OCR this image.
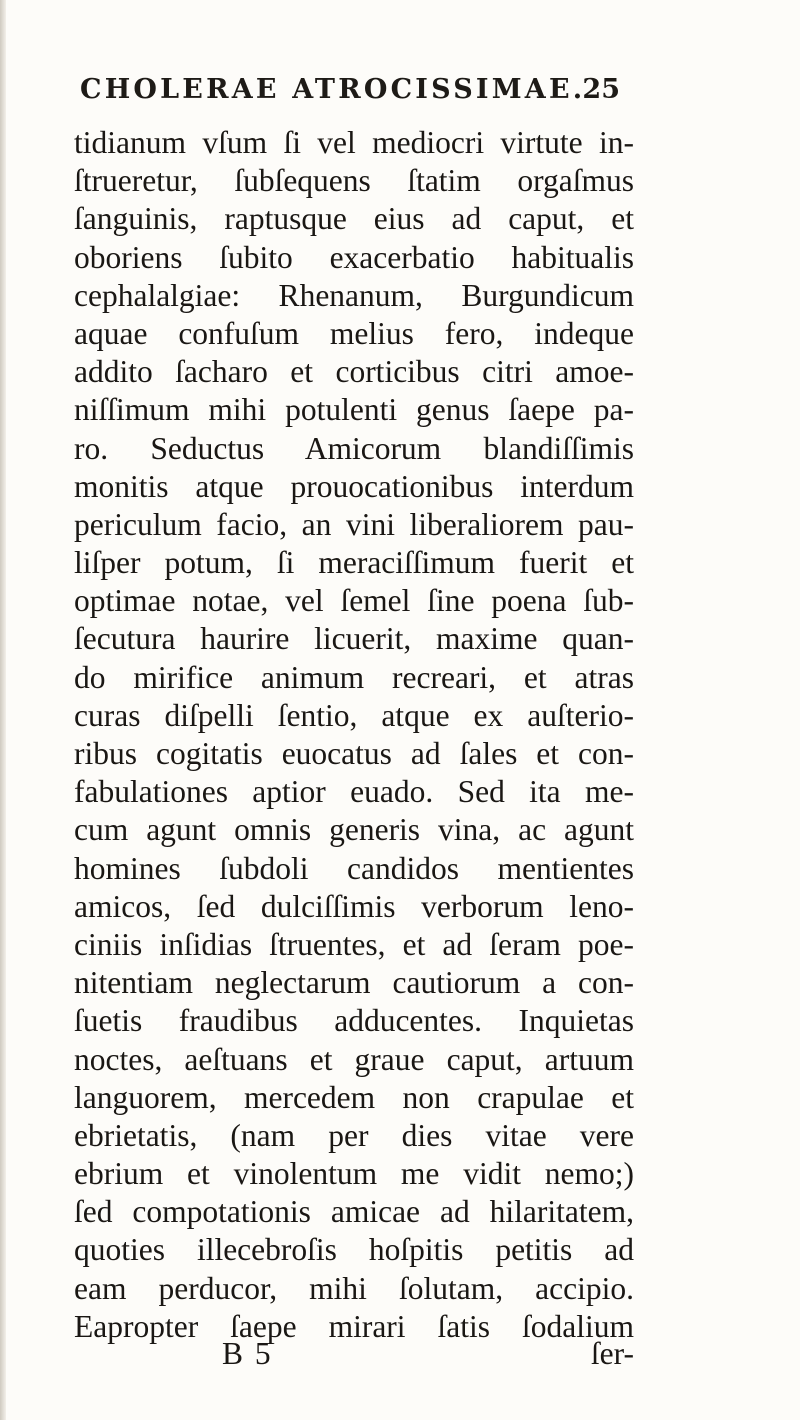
CHOLERAE ATROCISSIMAE.
25
tidianum vſum ſi vel mediocri virtute in-
ſtrueretur, ſubſequens ſtatim orgaſmus
ſanguinis, raptusque eius ad caput, et
oboriens ſubito exacerbatio habitualis
cephalalgiae: Rhenanum, Burgundicum
aquae confuſum melius fero, indeque
addito ſacharo et corticibus citri amoe-
niſſimum mihi potulenti genus ſaepe pa-
ro. Seductus Amicorum blandiſſimis
monitis atque prouocationibus interdum
periculum facio, an vini liberaliorem pau-
liſper potum, ſi meraciſſimum fuerit et
optimae notae, vel ſemel ſine poena ſub-
ſecutura haurire licuerit, maxime quan-
do mirifice animum recreari, et atras
curas diſpelli ſentio, atque ex auſterio-
ribus cogitatis euocatus ad ſales et con-
fabulationes aptior euado. Sed ita me-
cum agunt omnis generis vina, ac agunt
homines ſubdoli candidos mentientes
amicos, ſed dulciſſimis verborum leno-
ciniis inſidias ſtruentes, et ad ſeram poe-
nitentiam neglectarum cautiorum a con-
ſuetis fraudibus adducentes. Inquietas
noctes, aeſtuans et graue caput, artuum
languorem, mercedem non crapulae et
ebrietatis, (nam per dies vitae vere
ebrium et vinolentum me vidit nemo;)
ſed compotationis amicae ad hilaritatem,
quoties illecebroſis hoſpitis petitis ad
eam perducor, mihi ſolutam, accipio.
Eapropter ſaepe mirari ſatis ſodalium
B 5	ſer-
